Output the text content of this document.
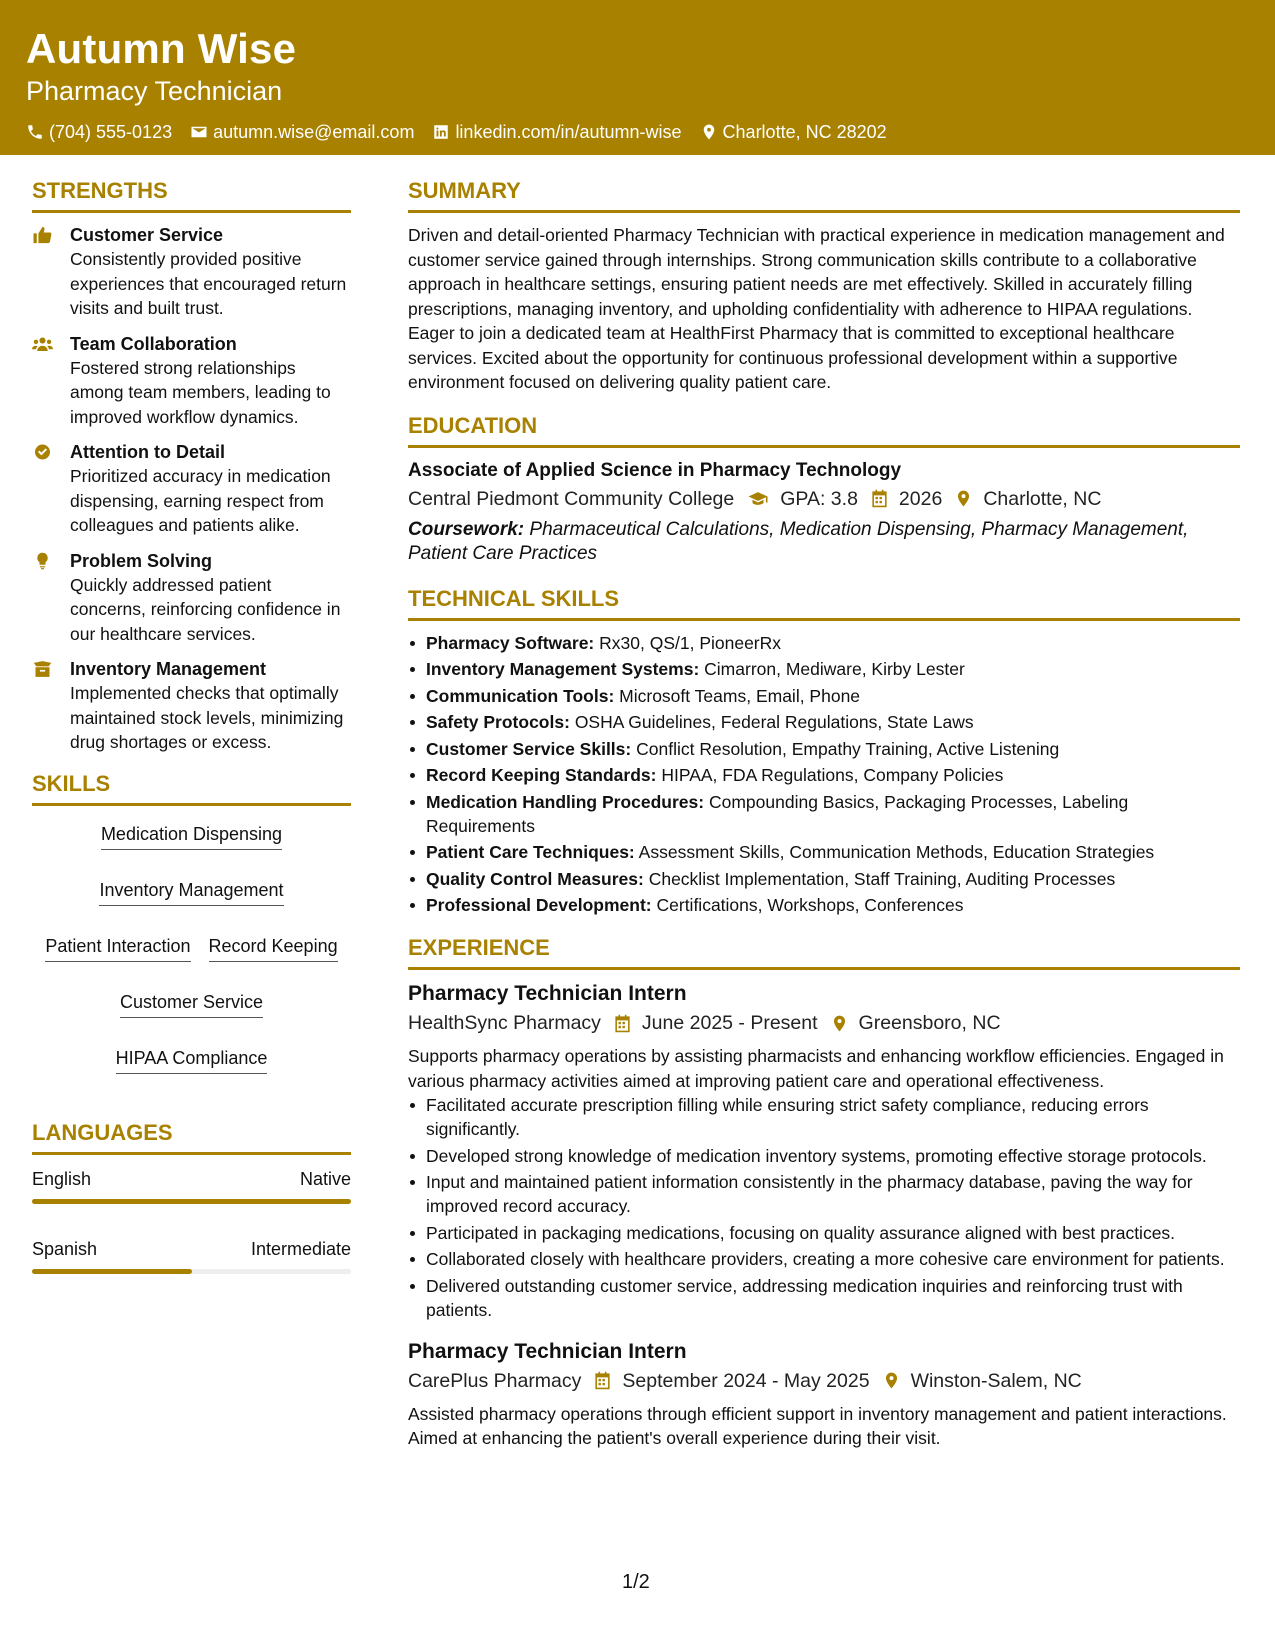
Autumn Wise
Pharmacy Technician
(704) 555-0123 autumn.wise@email.com linkedin.com/in/autumn-wise Charlotte, NC 28202
STRENGTHS
Customer Service
Consistently provided positive experiences that encouraged return visits and built trust.
Team Collaboration
Fostered strong relationships among team members, leading to improved workflow dynamics.
Attention to Detail
Prioritized accuracy in medication dispensing, earning respect from colleagues and patients alike.
Problem Solving
Quickly addressed patient concerns, reinforcing confidence in our healthcare services.
Inventory Management
Implemented checks that optimally maintained stock levels, minimizing drug shortages or excess.
SKILLS
Medication Dispensing
Inventory Management
Patient Interaction Record Keeping
Customer Service
HIPAA Compliance
LANGUAGES
English	Native
Spanish	Intermediate
SUMMARY
Driven and detail-oriented Pharmacy Technician with practical experience in medication management and customer service gained through internships. Strong communication skills contribute to a collaborative approach in healthcare settings, ensuring patient needs are met effectively. Skilled in accurately filling prescriptions, managing inventory, and upholding confidentiality with adherence to HIPAA regulations. Eager to join a dedicated team at HealthFirst Pharmacy that is committed to exceptional healthcare services. Excited about the opportunity for continuous professional development within a supportive environment focused on delivering quality patient care.
EDUCATION
Associate of Applied Science in Pharmacy Technology
Central Piedmont Community College GPA: 3.8 2026 Charlotte, NC
Coursework: Pharmaceutical Calculations, Medication Dispensing, Pharmacy Management, Patient Care Practices
TECHNICAL SKILLS
Pharmacy Software: Rx30, QS/1, PioneerRx
Inventory Management Systems: Cimarron, Mediware, Kirby Lester
Communication Tools: Microsoft Teams, Email, Phone
Safety Protocols: OSHA Guidelines, Federal Regulations, State Laws
Customer Service Skills: Conflict Resolution, Empathy Training, Active Listening
Record Keeping Standards: HIPAA, FDA Regulations, Company Policies
Medication Handling Procedures: Compounding Basics, Packaging Processes, Labeling Requirements
Patient Care Techniques: Assessment Skills, Communication Methods, Education Strategies
Quality Control Measures: Checklist Implementation, Staff Training, Auditing Processes
Professional Development: Certifications, Workshops, Conferences
EXPERIENCE
Pharmacy Technician Intern
HealthSync Pharmacy June 2025 - Present Greensboro, NC
Supports pharmacy operations by assisting pharmacists and enhancing workflow efficiencies. Engaged in various pharmacy activities aimed at improving patient care and operational effectiveness.
Facilitated accurate prescription filling while ensuring strict safety compliance, reducing errors significantly.
Developed strong knowledge of medication inventory systems, promoting effective storage protocols.
Input and maintained patient information consistently in the pharmacy database, paving the way for improved record accuracy.
Participated in packaging medications, focusing on quality assurance aligned with best practices.
Collaborated closely with healthcare providers, creating a more cohesive care environment for patients.
Delivered outstanding customer service, addressing medication inquiries and reinforcing trust with patients.
Pharmacy Technician Intern
CarePlus Pharmacy September 2024 - May 2025 Winston-Salem, NC
Assisted pharmacy operations through efficient support in inventory management and patient interactions. Aimed at enhancing the patient's overall experience during their visit.
1/2
